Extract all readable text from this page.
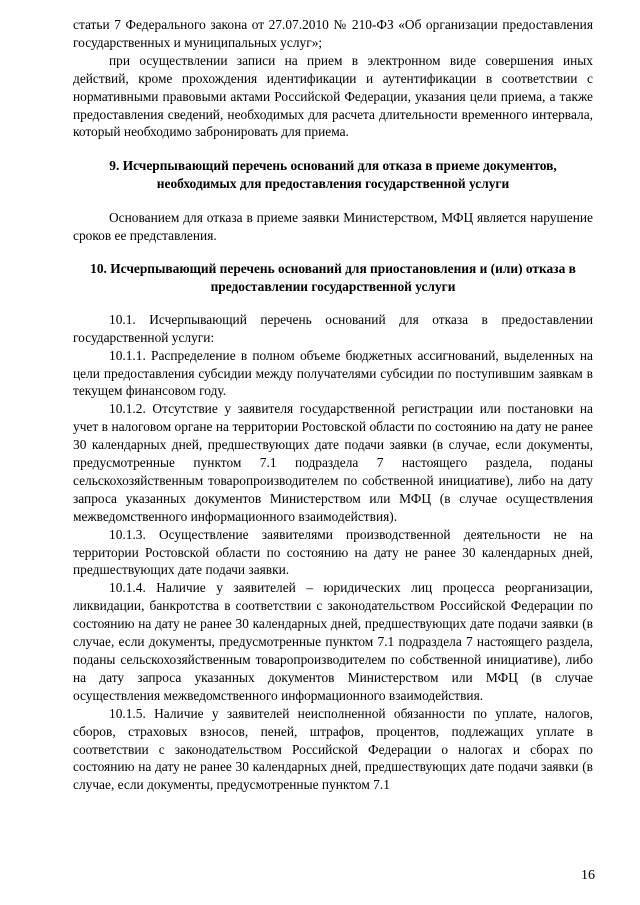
статьи 7 Федерального закона от 27.07.2010 № 210-ФЗ «Об организации предоставления государственных и муниципальных услуг»;

при осуществлении записи на прием в электронном виде совершения иных действий, кроме прохождения идентификации и аутентификации в соответствии с нормативными правовыми актами Российской Федерации, указания цели приема, а также предоставления сведений, необходимых для расчета длительности временного интервала, который необходимо забронировать для приема.

9. Исчерпывающий перечень оснований для отказа в приеме документов, необходимых для предоставления государственной услуги

Основанием для отказа в приеме заявки Министерством, МФЦ является нарушение сроков ее представления.

10. Исчерпывающий перечень оснований для приостановления и (или) отказа в предоставлении государственной услуги

10.1. Исчерпывающий перечень оснований для отказа в предоставлении государственной услуги:

10.1.1. Распределение в полном объеме бюджетных ассигнований, выделенных на цели предоставления субсидии между получателями субсидии по поступившим заявкам в текущем финансовом году.

10.1.2. Отсутствие у заявителя государственной регистрации или постановки на учет в налоговом органе на территории Ростовской области по состоянию на дату не ранее 30 календарных дней, предшествующих дате подачи заявки (в случае, если документы, предусмотренные пунктом 7.1 подраздела 7 настоящего раздела, поданы сельскохозяйственным товаропроизводителем по собственной инициативе), либо на дату запроса указанных документов Министерством или МФЦ (в случае осуществления межведомственного информационного взаимодействия).

10.1.3. Осуществление заявителями производственной деятельности не на территории Ростовской области по состоянию на дату не ранее 30 календарных дней, предшествующих дате подачи заявки.

10.1.4. Наличие у заявителей – юридических лиц процесса реорганизации, ликвидации, банкротства в соответствии с законодательством Российской Федерации по состоянию на дату не ранее 30 календарных дней, предшествующих дате подачи заявки (в случае, если документы, предусмотренные пунктом 7.1 подраздела 7 настоящего раздела, поданы сельскохозяйственным товаропроизводителем по собственной инициативе), либо на дату запроса указанных документов Министерством или МФЦ (в случае осуществления межведомственного информационного взаимодействия.

10.1.5. Наличие у заявителей неисполненной обязанности по уплате, налогов, сборов, страховых взносов, пеней, штрафов, процентов, подлежащих уплате в соответствии с законодательством Российской Федерации о налогах и сборах по состоянию на дату не ранее 30 календарных дней, предшествующих дате подачи заявки (в случае, если документы, предусмотренные пунктом 7.1

16
